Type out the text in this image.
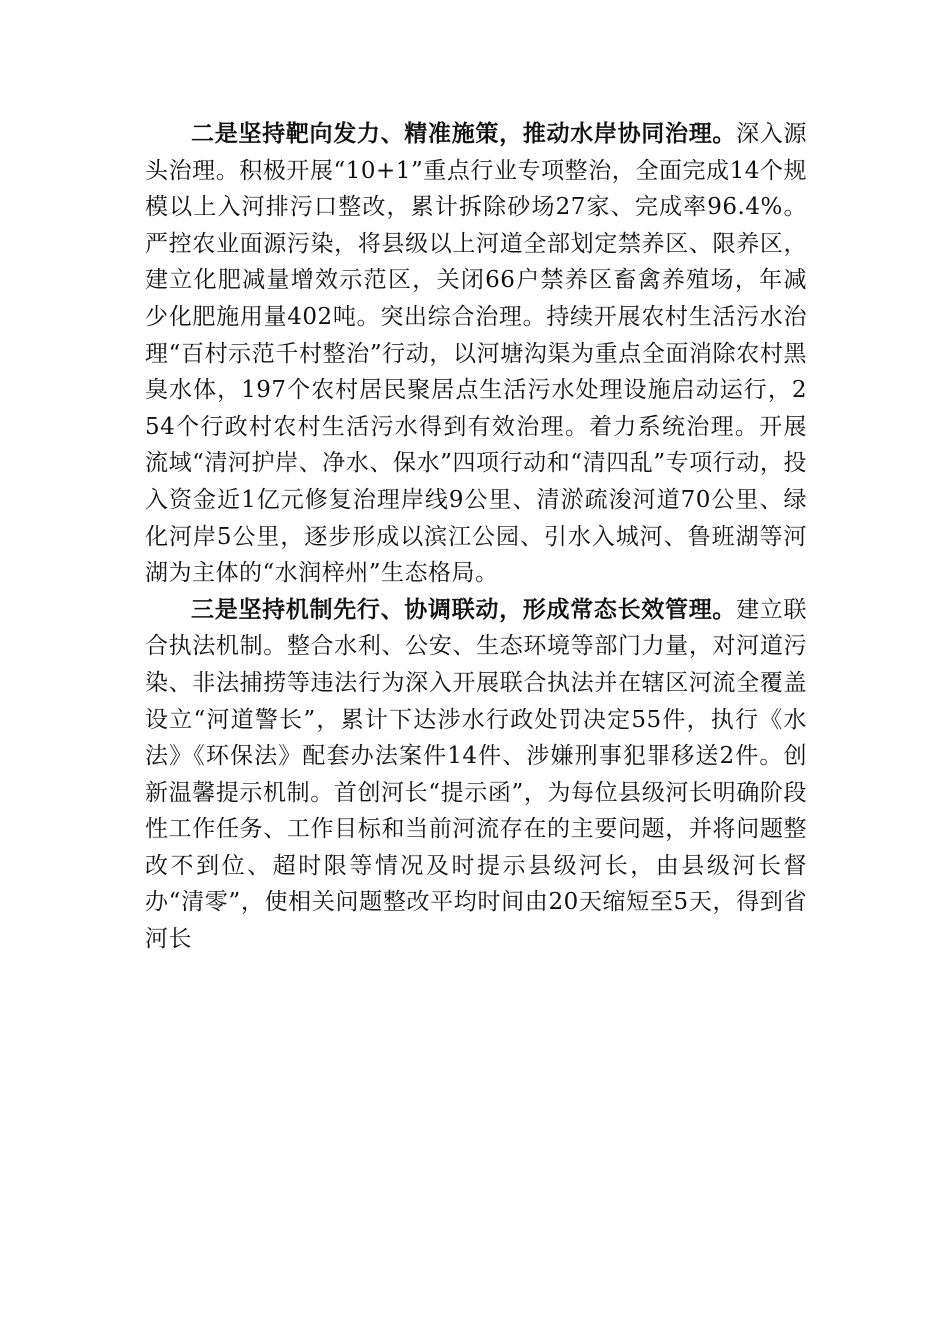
二是坚持靶向发力、精准施策，推动水岸协同治理。深入源头治理。积极开展“10+1”重点行业专项整治，全面完成14个规模以上入河排污口整改，累计拆除砂场27家、完成率96.4%。严控农业面源污染，将县级以上河道全部划定禁养区、限养区，建立化肥减量增效示范区，关闭66户禁养区畜禽养殖场，年减少化肥施用量402吨。突出综合治理。持续开展农村生活污水治理“百村示范千村整治”行动，以河塘沟渠为重点全面消除农村黑臭水体，197个农村居民聚居点生活污水处理设施启动运行，254个行政村农村生活污水得到有效治理。着力系统治理。开展流域“清河护岸、净水、保水”四项行动和“清四乱”专项行动，投入资金近1亿元修复治理岸线9公里、清淤疏浚河道70公里、绿化河岸5公里，逐步形成以滨江公园、引水入城河、鲁班湖等河湖为主体的“水润梓州”生态格局。

三是坚持机制先行、协调联动，形成常态长效管理。建立联合执法机制。整合水利、公安、生态环境等部门力量，对河道污染、非法捕捞等违法行为深入开展联合执法并在辖区河流全覆盖设立“河道警长”，累计下达涉水行政处罚决定55件，执行《水法》《环保法》配套办法案件14件、涉嫌刑事犯罪移送2件。创新温馨提示机制。首创河长“提示函”，为每位县级河长明确阶段性工作任务、工作目标和当前河流存在的主要问题，并将问题整改不到位、超时限等情况及时提示县级河长，由县级河长督办“清零”，使相关问题整改平均时间由20天缩短至5天，得到省河长
